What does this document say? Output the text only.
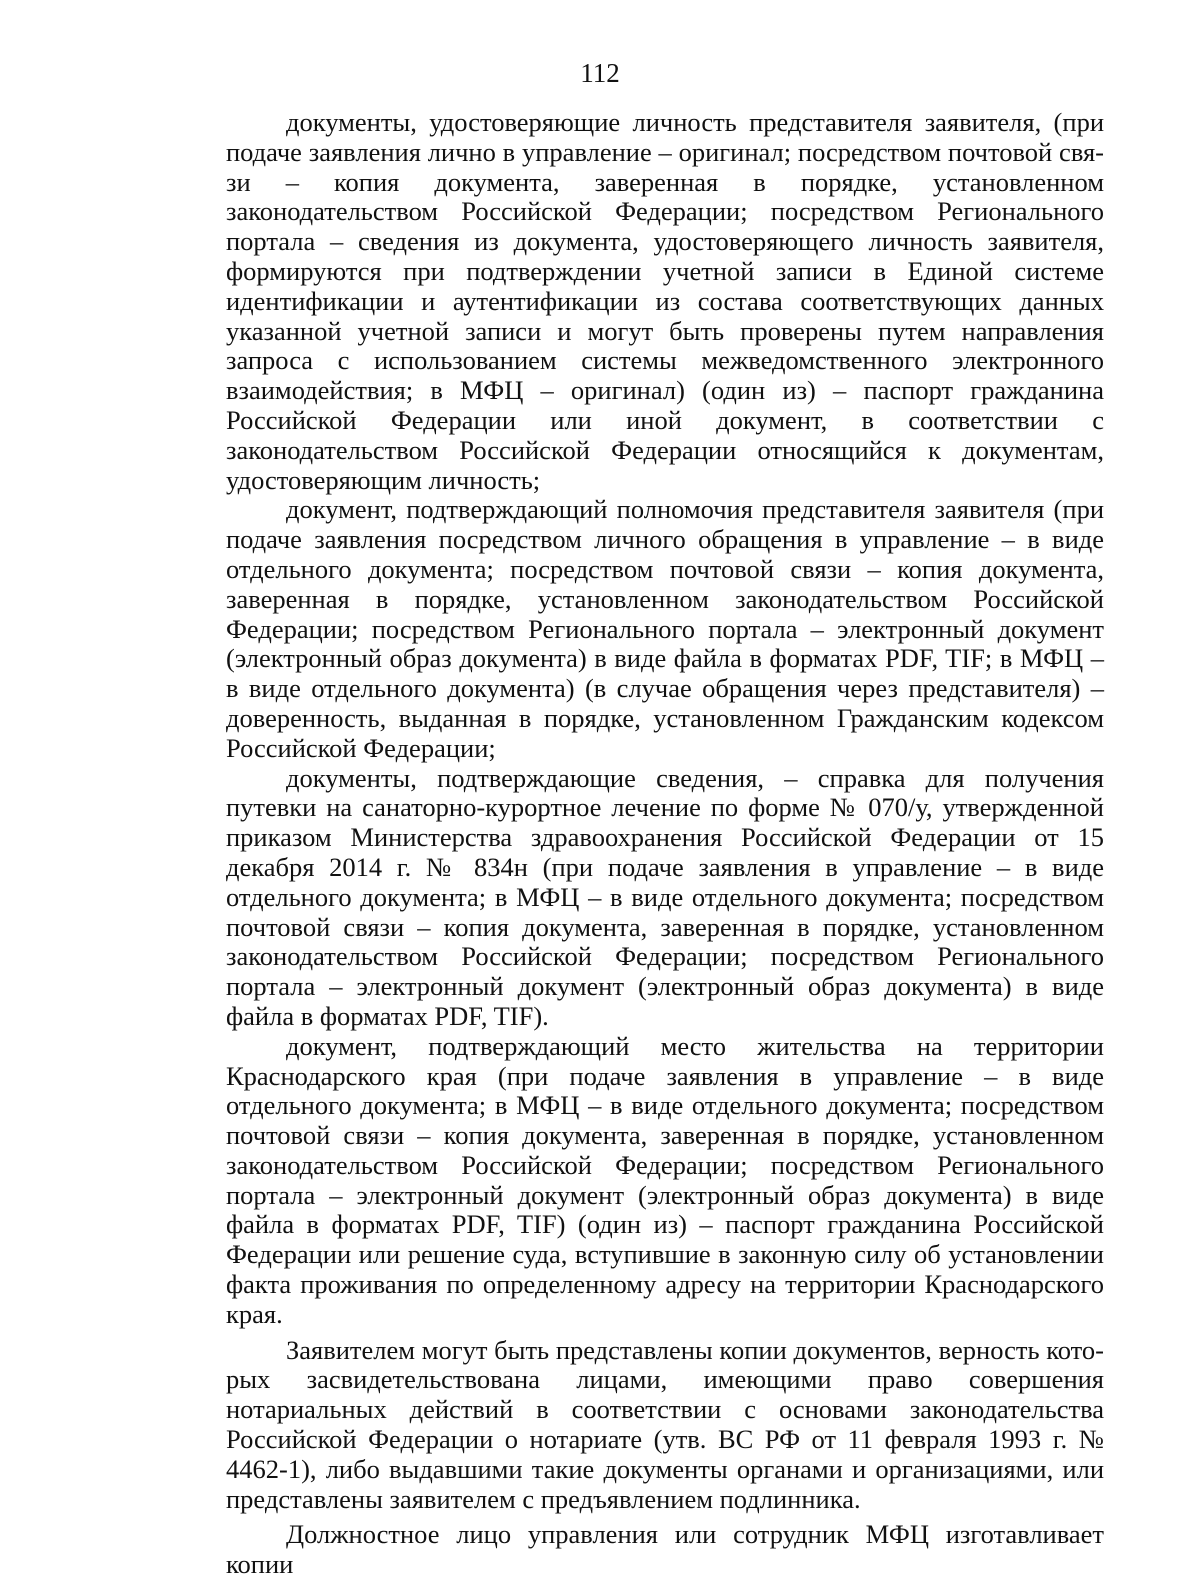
112

документы, удостоверяющие личность представителя заявителя, (при подаче заявления лично в управление – оригинал; посредством почтовой связи – копия документа, заверенная в порядке, установленном законодательством Российской Федерации; посредством Регионального портала – сведения из документа, удостоверяющего личность заявителя, формируются при подтверждении учетной записи в Единой системе идентификации и аутентификации из состава соответствующих данных указанной учетной записи и могут быть проверены путем направления запроса с использованием системы межведомственного электронного взаимодействия; в МФЦ – оригинал) (один из) – паспорт гражданина Российской Федерации или иной документ, в соответствии с законодательством Российской Федерации относящийся к документам, удостоверяющим личность;

документ, подтверждающий полномочия представителя заявителя (при подаче заявления посредством личного обращения в управление – в виде отдельного документа; посредством почтовой связи – копия документа, заверенная в порядке, установленном законодательством Российской Федерации; посредством Регионального портала – электронный документ (электронный образ документа) в виде файла в форматах PDF, TIF; в МФЦ – в виде отдельного документа) (в случае обращения через представителя) – доверенность, выданная в порядке, установленном Гражданским кодексом Российской Федерации;

документы, подтверждающие сведения, – справка для получения путевки на санаторно-курортное лечение по форме № 070/у, утвержденной приказом Министерства здравоохранения Российской Федерации от 15 декабря 2014 г. № 834н (при подаче заявления в управление – в виде отдельного документа; в МФЦ – в виде отдельного документа; посредством почтовой связи – копия документа, заверенная в порядке, установленном законодательством Российской Федерации; посредством Регионального портала – электронный документ (электронный образ документа) в виде файла в форматах PDF, TIF).

документ, подтверждающий место жительства на территории Краснодарского края (при подаче заявления в управление – в виде отдельного документа; в МФЦ – в виде отдельного документа; посредством почтовой связи – копия документа, заверенная в порядке, установленном законодательством Российской Федерации; посредством Регионального портала – электронный документ (электронный образ документа) в виде файла в форматах PDF, TIF) (один из) – паспорт гражданина Российской Федерации или решение суда, вступившие в законную силу об установлении факта проживания по определенному адресу на территории Краснодарского края.

Заявителем могут быть представлены копии документов, верность которых засвидетельствована лицами, имеющими право совершения нотариальных действий в соответствии с основами законодательства Российской Федерации о нотариате (утв. ВС РФ от 11 февраля 1993 г. № 4462-1), либо выдавшими такие документы органами и организациями, или представлены заявителем с предъявлением подлинника.

Должностное лицо управления или сотрудник МФЦ изготавливает копии
